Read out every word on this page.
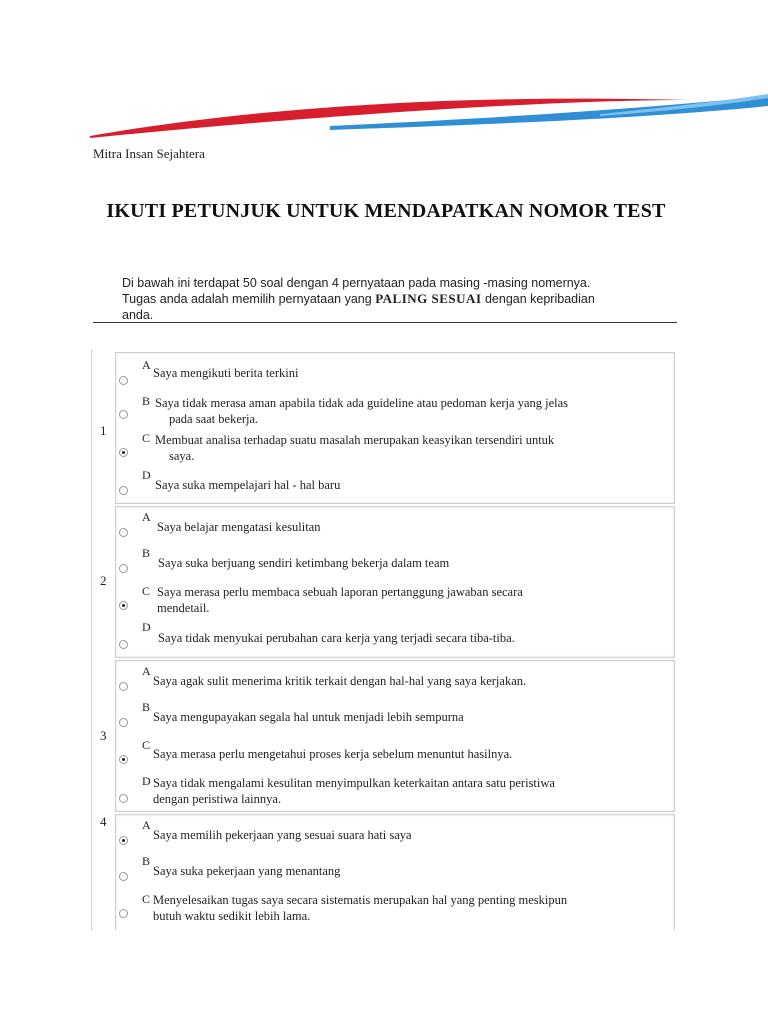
Mitra Insan Sejahtera
IKUTI PETUNJUK UNTUK MENDAPATKAN NOMOR TEST
Di bawah ini terdapat 50 soal dengan 4 pernyataan pada masing -masing nomernya.
Tugas anda adalah memilih pernyataan yang PALING SESUAI dengan kepribadian
anda.
1
A
Saya mengikuti berita terkini
B Saya tidak merasa aman apabila tidak ada guideline atau pedoman kerja yang jelas
pada saat bekerja.
C Membuat analisa terhadap suatu masalah merupakan keasyikan tersendiri untuk
saya.
D
Saya suka mempelajari hal - hal baru
2
A
Saya belajar mengatasi kesulitan
B
Saya suka berjuang sendiri ketimbang bekerja dalam team
C Saya merasa perlu membaca sebuah laporan pertanggung jawaban secara
mendetail.
D
Saya tidak menyukai perubahan cara kerja yang terjadi secara tiba-tiba.
3
A
Saya agak sulit menerima kritik terkait dengan hal-hal yang saya kerjakan.
B
Saya mengupayakan segala hal untuk menjadi lebih sempurna
C
Saya merasa perlu mengetahui proses kerja sebelum menuntut hasilnya.
D Saya tidak mengalami kesulitan menyimpulkan keterkaitan antara satu peristiwa
dengan peristiwa lainnya.
4	A
Saya memilih pekerjaan yang sesuai suara hati saya
B
Saya suka pekerjaan yang menantang
C Menyelesaikan tugas saya secara sistematis merupakan hal yang penting meskipun
butuh waktu sedikit lebih lama.
